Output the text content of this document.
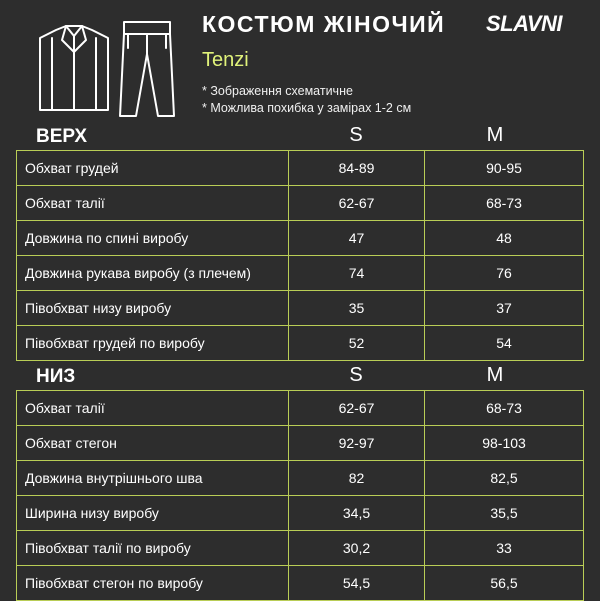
КОСТЮМ ЖІНОЧИЙ SLAVNI
Tenzi
* Зображення схематичне
* Можлива похибка у замірах 1-2 см
ВЕРХ	S	M
Обхват грудей	84-89	90-95
Обхват талії	62-67	68-73
Довжина по спині виробу	47	48
Довжина рукава виробу (з плечем)	74	76
Півобхват низу виробу	35	37
Півобхват грудей по виробу	52	54
НИЗ	S	M
Обхват талії	62-67	68-73
Обхват стегон	92-97	98-103
Довжина внутрішнього шва	82	82,5
Ширина низу виробу	34,5	35,5
Півобхват талії по виробу	30,2	33
Півобхват стегон по виробу	54,5	56,5
